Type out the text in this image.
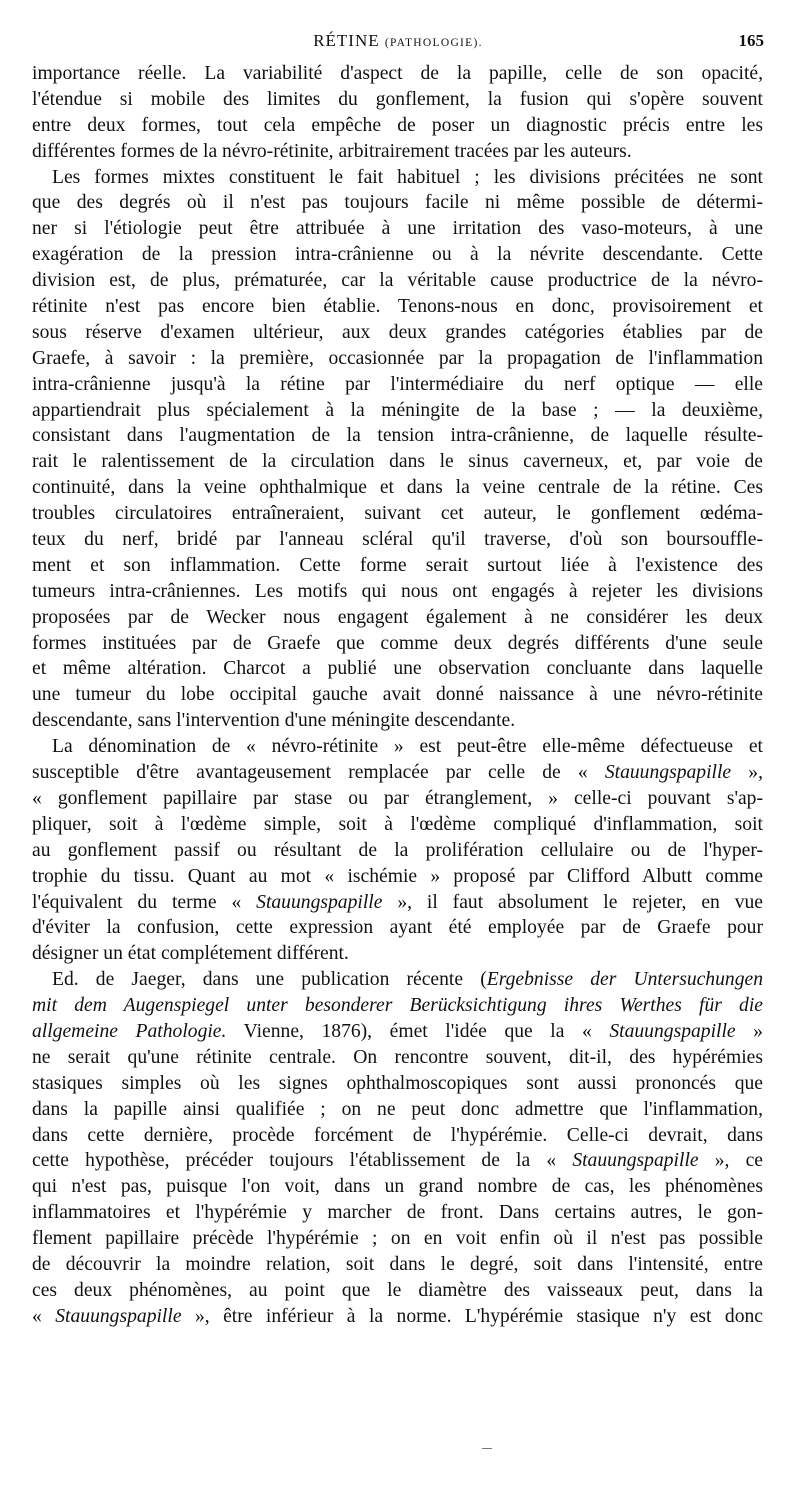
RÉTINE (PATHOLOGIE).	165
importance réelle. La variabilité d'aspect de la papille, celle de son opacité,
l'étendue si mobile des limites du gonflement, la fusion qui s'opère souvent
entre deux formes, tout cela empêche de poser un diagnostic précis entre les
différentes formes de la névro-rétinite, arbitrairement tracées par les auteurs.
Les formes mixtes constituent le fait habituel ; les divisions précitées ne sont
que des degrés où il n'est pas toujours facile ni même possible de détermi-
ner si l'étiologie peut être attribuée à une irritation des vaso-moteurs, à une
exagération de la pression intra-crânienne ou à la névrite descendante. Cette
division est, de plus, prématurée, car la véritable cause productrice de la névro-
rétinite n'est pas encore bien établie. Tenons-nous en donc, provisoirement et
sous réserve d'examen ultérieur, aux deux grandes catégories établies par de
Graefe, à savoir : la première, occasionnée par la propagation de l'inflammation
intra-crânienne jusqu'à la rétine par l'intermédiaire du nerf optique — elle
appartiendrait plus spécialement à la méningite de la base ; — la deuxième,
consistant dans l'augmentation de la tension intra-crânienne, de laquelle résulte-
rait le ralentissement de la circulation dans le sinus caverneux, et, par voie de
continuité, dans la veine ophthalmique et dans la veine centrale de la rétine. Ces
troubles circulatoires entraîneraient, suivant cet auteur, le gonflement œdéma-
teux du nerf, bridé par l'anneau scléral qu'il traverse, d'où son boursouffle-
ment et son inflammation. Cette forme serait surtout liée à l'existence des
tumeurs intra-crâniennes. Les motifs qui nous ont engagés à rejeter les divisions
proposées par de Wecker nous engagent également à ne considérer les deux
formes instituées par de Graefe que comme deux degrés différents d'une seule
et même altération. Charcot a publié une observation concluante dans laquelle
une tumeur du lobe occipital gauche avait donné naissance à une névro-rétinite
descendante, sans l'intervention d'une méningite descendante.
La dénomination de « névro-rétinite » est peut-être elle-même défectueuse et
susceptible d'être avantageusement remplacée par celle de « Stauungspapille »,
« gonflement papillaire par stase ou par étranglement, » celle-ci pouvant s'ap-
pliquer, soit à l'œdème simple, soit à l'œdème compliqué d'inflammation, soit
au gonflement passif ou résultant de la prolifération cellulaire ou de l'hyper-
trophie du tissu. Quant au mot « ischémie » proposé par Clifford Albutt comme
l'équivalent du terme « Stauungspapille », il faut absolument le rejeter, en vue
d'éviter la confusion, cette expression ayant été employée par de Graefe pour
désigner un état complétement différent.
Ed. de Jaeger, dans une publication récente (Ergebnisse der Untersuchungen
mit dem Augenspiegel unter besonderer Berücksichtigung ihres Werthes für die
allgemeine Pathologie. Vienne, 1876), émet l'idée que la « Stauungspapille »
ne serait qu'une rétinite centrale. On rencontre souvent, dit-il, des hypérémies
stasiques simples où les signes ophthalmoscopiques sont aussi prononcés que
dans la papille ainsi qualifiée ; on ne peut donc admettre que l'inflammation,
dans cette dernière, procède forcément de l'hypérémie. Celle-ci devrait, dans
cette hypothèse, précéder toujours l'établissement de la « Stauungspapille », ce
qui n'est pas, puisque l'on voit, dans un grand nombre de cas, les phénomènes
inflammatoires et l'hypérémie y marcher de front. Dans certains autres, le gon-
flement papillaire précède l'hypérémie ; on en voit enfin où il n'est pas possible
de découvrir la moindre relation, soit dans le degré, soit dans l'intensité, entre
ces deux phénomènes, au point que le diamètre des vaisseaux peut, dans la
« Stauungspapille », être inférieur à la norme. L'hypérémie stasique n'y est donc
